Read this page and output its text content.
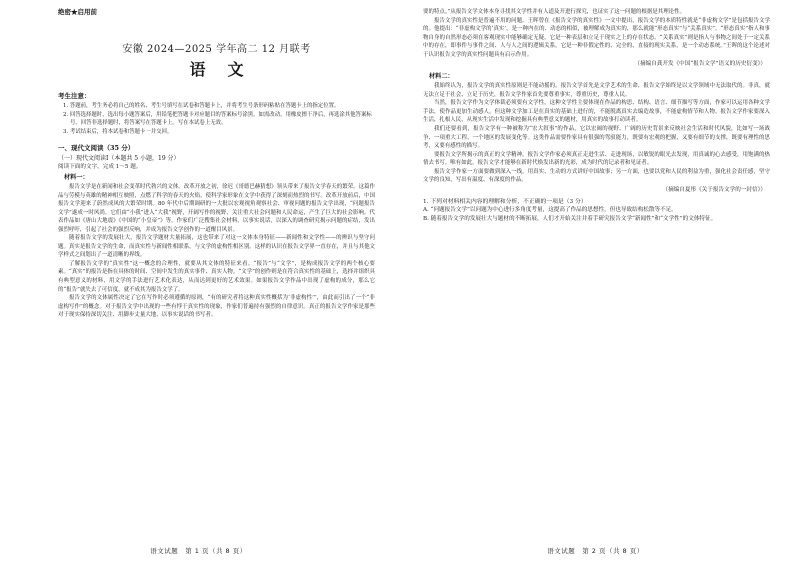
绝密★启用前

安徽 2024—2025 学年高二 12 月联考

语文

考生注意：

1. 答题前，考生务必将自己的姓名、考生号填写在试卷和答题卡上，并将考生号条形码粘贴在答题卡上的指定位置。

2. 回答选择题时，选出每小题答案后，用铅笔把答题卡对应题目的答案标号涂黑。如需改动，用橡皮擦干净后，再选涂其他答案标号。回答非选择题时，将答案写在答题卡上。写在本试卷上无效。

3. 考试结束后，将本试卷和答题卡一并交回。

一、现代文阅读（35 分）

（一）现代文阅读Ⅰ（本题共 5 小题，19 分）

阅读下面的文字，完成 1～5 题。

材料一：

报告文学是在新闻和社会变革时代勃兴的文体。改革开放之初，徐迟《哥德巴赫猜想》领头带来了报告文学春天的繁荣，这篇作品与劳模与英雄的精神相互映照，点燃了科学的春天的火焰，使科学家形象在文学中获得了深刻而热烈的书写。改革开放前后，中国报告文学迎来了蔚然成风的大繁荣时期。80 年代中后期调研的一大批以宏观视角观察社会、审视问题的报告文学出现，“问题报告文学”遂成一时风尚。它们由“小我”进入“大我”视野，开阔写作的视野，关注重大社会问题和人民命运，产生了巨大的社会影响。代表作品如《唐山大地震》《中国的“小皇帝”》等。作家们广泛搜集社会材料，以事实说话，以深入的调查研究揭示问题的症结，发出强烈呼吁，引起了社会的强烈反响，并成为报告文学创作的一道醒目风景。

随着报告文学的发展壮大，报告文学题材大量拓展，这也带来了对这一文体本身特征——新闻性和文学性——的辨识与坚守问题。真实是报告文学的生命，而真实性与新闻性相联系，与文学的虚构性相区别。这样的认识在报告文学界一直存在，并且与其他文学样式之间划出了一道清晰的界线。

了解报告文学的“真实性”这一概念的合理性，就要从其文体的特征来看。“报告”与“文学”，是构成报告文学的两个核心要素。“真实”的报告是指在具体的时间、空间中发生的真实事件、真实人物。“文学”的创作则是在符合真实性的基础上，选择并组织具有典型意义的材料，用文学的手法进行艺术化表达，从而达到更好的艺术效果。如果报告文学作品中出现了虚构的成分，那么它的“报告”就失去了可信度，就不成其为报告文学了。

报告文学的文体属性决定了它在写作时必须遵循的原则，“有的研究者将这种真实性概括为‘非虚构性’”，由此而引出了一个“非虚构写作”的概念。对于报告文学中出现的一些有悖于真实性的现象，作家们普遍持有强烈的自律意识。真正的报告文学作家是那些对于现实保持深切关注、用脚步丈量大地、以事实说话的书写者。

语文试题　第 1 页（共 8 页）

要的特点。”从报告文学文体本身寻找其文学性并有人道及开进行探究，也证实了这一问题的根据是其理论性。

报告文学的真实性是普遍不用的问题。王晖曾在《报告文学的真实性》一文中提出，报告文学的本质特性就是“非虚构文学”是包括报告文学的。他提出：“非虚构文学的‘真实’，是一种内在的、动态的相似，被理解成为真实的，那么就能“形态真实”与“关系真实”。“形态真实”指人和事物自身的自然形态必须在客观现实中能够确定无疑，它是一种表层和立足于现实之上的存在状态。“关系真实”则是指人与事物之间处于一定关系中的存在，即事件与事件之间、人与人之间的逻辑关系，它是一种非假定性的、完全的、直接的现实关系，是一个动态系统。”王晖的这个论述对于认识报告文学的真实性问题具有启示作用。

（摘编自龚开发《中国“报告文学”语义的历史衍变》）

材料二：

我始终认为，报告文学的真实性原则是不能动摇的。报告文学首先是文学艺术的生命，报告文学始终是以文学领域中无法取代的。非真，就无法立足于社会、立足于历史，报告文学作家首先要尊重事实，尊重历史，尊重人民。

当然，报告文学作为文学体裁必须要有文学性，这种文学性主要体现在作品的构思、结构、语言、细节描写等方面，作家可以运用各种文学手法，使作品更加生动感人。但这种文学加工是在真实的基础上进行的，不能脱离真实去编造故事，不能虚构情节和人物。报告文学作家要深入生活，扎根人民，从现实生活中发现和挖掘具有典型意义的题材，用真实的故事打动读者。

我们还要看到，报告文学有一种被称为“宏大叙事”的作品，它以宏阔的视野、广阔的历史背景来反映社会生活和时代风貌，比如写一场战争、一项重大工程、一个地区的发展变化等。这类作品需要作家具有很强的驾驭能力，既要有宏观的把握，又要有细节的支撑，既要有理性的思考，又要有感性的描写。

要报告文学所揭示的真正的文学精神，报告文学作家必须真正走进生活、走进现场，以敏锐的眼光去发现，用真诚的心去感受，用饱满的热情去书写。唯有如此，报告文学才能够在新时代焕发出新的光彩，成为时代的记录者和见证者。

报告文学作家一方面要做到深入一线，用真实、生动的方式讲好中国故事；另一方面，也要以党和人民的利益为重，强化社会责任感，坚守文学的良知，写出有温度、有深度的作品。

（摘编自夏彤《关于报告文学的一封信》）

1. 下列对材料相关内容的理解和分析，不正确的一项是（3 分）

A. “问题报告文学”以问题为中心进行多角度考量，这提高了作品的思想性，但也导致结构松散等不足。

B. 随着报告文学的发展壮大与题材的不断拓展，人们才开始关注并着手研究报告文学“新闻性”和“文学性”的文体特征。

语文试题　第 2 页（共 8 页）
